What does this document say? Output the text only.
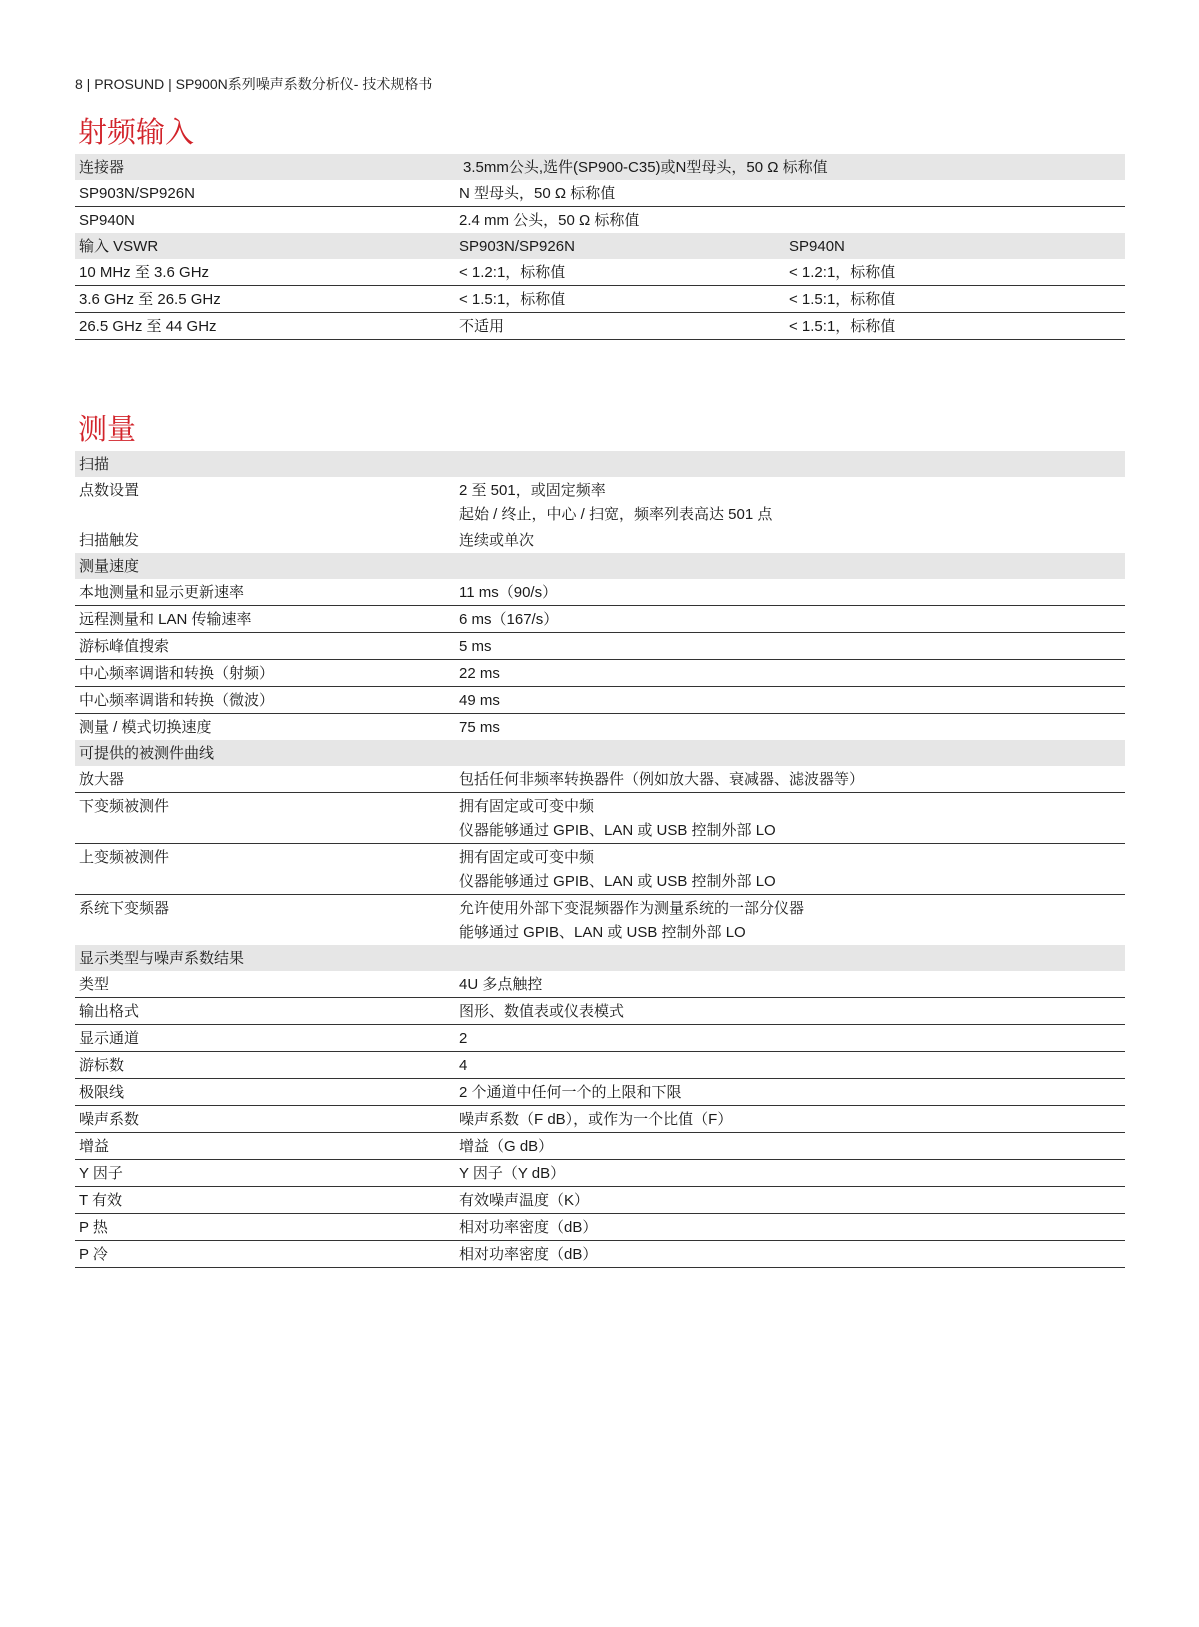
8 | PROSUND | SP900N系列噪声系数分析仪- 技术规格书
射频输入
连接器	3.5mm公头,选件(SP900-C35)或N型母头，50 Ω 标称值
SP903N/SP926N	N 型母头，50 Ω 标称值
SP940N	2.4 mm 公头，50 Ω 标称值
输入 VSWR	SP903N/SP926N	SP940N
10 MHz 至 3.6 GHz	< 1.2:1，标称值	< 1.2:1，标称值
3.6 GHz 至 26.5 GHz	< 1.5:1，标称值	< 1.5:1，标称值
26.5 GHz 至 44 GHz	不适用	< 1.5:1，标称值
测量
扫描
点数设置	2 至 501，或固定频率
起始 / 终止，中心 / 扫宽，频率列表高达 501 点
扫描触发	连续或单次
测量速度
本地测量和显示更新速率	11 ms（90/s）
远程测量和 LAN 传输速率	6 ms（167/s）
游标峰值搜索	5 ms
中心频率调谐和转换（射频）	22 ms
中心频率调谐和转换（微波）	49 ms
测量 / 模式切换速度	75 ms
可提供的被测件曲线
放大器	包括任何非频率转换器件（例如放大器、衰减器、滤波器等）
下变频被测件	拥有固定或可变中频
仪器能够通过 GPIB、LAN 或 USB 控制外部 LO
上变频被测件	拥有固定或可变中频
仪器能够通过 GPIB、LAN 或 USB 控制外部 LO
系统下变频器	允许使用外部下变混频器作为测量系统的一部分仪器
能够通过 GPIB、LAN 或 USB 控制外部 LO
显示类型与噪声系数结果
类型	4U 多点触控
输出格式	图形、数值表或仪表模式
显示通道	2
游标数	4
极限线	2 个通道中任何一个的上限和下限
噪声系数	噪声系数（F dB），或作为一个比值（F）
增益	增益（G dB）
Y 因子	Y 因子（Y dB）
T 有效	有效噪声温度（K）
P 热	相对功率密度（dB）
P 冷	相对功率密度（dB）
